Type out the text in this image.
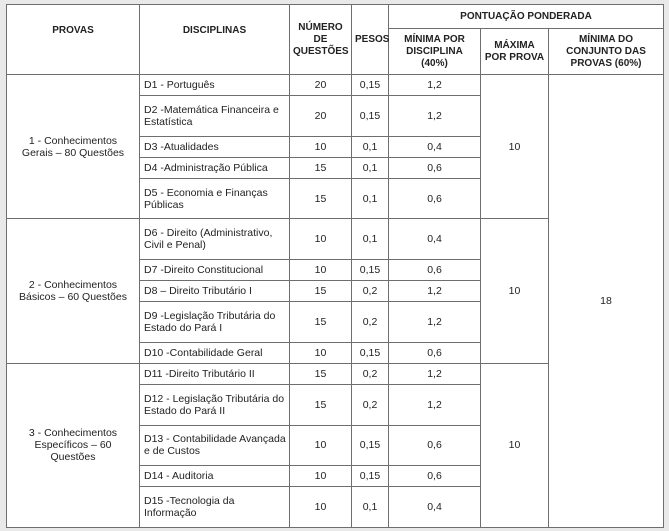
PROVAS	DISCIPLINAS	NÚMERO DE QUESTÕES	PESOS	PONTUAÇÃO PONDERADA		
				MÍNIMA POR DISCIPLINA (40%)	MÁXIMA POR PROVA	MÍNIMA DO CONJUNTO DAS PROVAS (60%)
1 - Conhecimentos Gerais – 80 Questões	D1 - Português	20	0,15	1,2	10	18
	D2 -Matemática Financeira e Estatística	20	0,15	1,2		
	D3 -Atualidades	10	0,1	0,4		
	D4 -Administração Pública	15	0,1	0,6		
	D5 - Economia e Finanças Públicas	15	0,1	0,6		
2 - Conhecimentos Básicos – 60 Questões	D6 - Direito (Administrativo, Civil e Penal)	10	0,1	0,4	10	
	D7 -Direito Constitucional	10	0,15	0,6		
	D8 – Direito Tributário I	15	0,2	1,2		
	D9 -Legislação Tributária do Estado do Pará I	15	0,2	1,2		
	D10 -Contabilidade Geral	10	0,15	0,6		
3 - Conhecimentos Específicos – 60 Questões	D11 -Direito Tributário II	15	0,2	1,2	10	
	D12 - Legislação Tributária do Estado do Pará II	15	0,2	1,2		
	D13 - Contabilidade Avançada e de Custos	10	0,15	0,6		
	D14 - Auditoria	10	0,15	0,6		
	D15 -Tecnologia da Informação	10	0,1	0,4		
